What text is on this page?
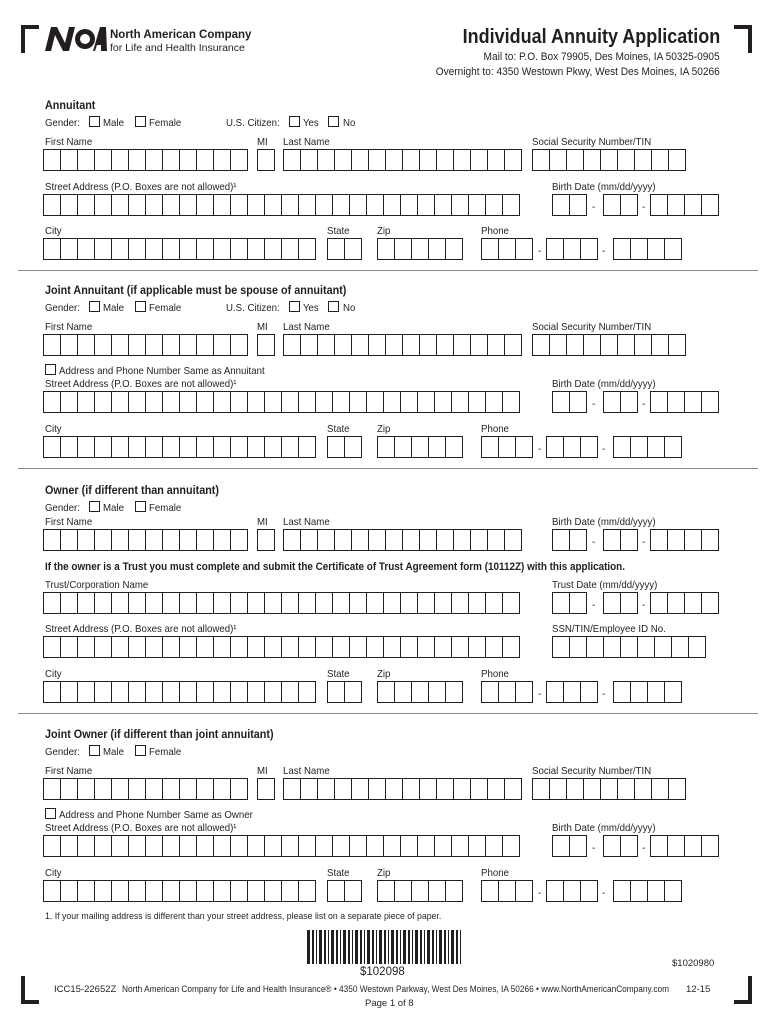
North American Company
for Life and Health Insurance	Individual Annuity Application
Mail to: P.O. Box 79905, Des Moines, IA 50325-0905
Overnight to: 4350 Westown Pkwy, West Des Moines, IA 50266
Annuitant
Gender: Male Female	U.S. Citizen: Yes No
First Name	MI Last Name	Social Security Number/TIN
Street Address (P.O. Boxes are not allowed)¹	Birth Date (mm/dd/yyyy)
-	-
City	State	Zip	Phone
-	-
Joint Annuitant (if applicable must be spouse of annuitant)
Gender: Male Female	U.S. Citizen: Yes No
First Name	MI Last Name	Social Security Number/TIN
Address and Phone Number Same as Annuitant
Street Address (P.O. Boxes are not allowed)¹	Birth Date (mm/dd/yyyy)
-	-
City	State	Zip	Phone
-	-
Owner (if different than annuitant)
Gender: Male Female
First Name	MI Last Name	Birth Date (mm/dd/yyyy)
-	-
If the owner is a Trust you must complete and submit the Certificate of Trust Agreement form (10112Z) with this application.
Trust/Corporation Name	Trust Date (mm/dd/yyyy)
-	-
Street Address (P.O. Boxes are not allowed)¹	SSN/TIN/Employee ID No.
City	State	Zip	Phone
-	-
Joint Owner (if different than joint annuitant)
Gender: Male Female
First Name	MI Last Name	Social Security Number/TIN
Address and Phone Number Same as Owner
Street Address (P.O. Boxes are not allowed)¹	Birth Date (mm/dd/yyyy)
-	-
City	State	Zip	Phone
-	-
1. If your mailing address is different than your street address, please list on a separate piece of paper.
$102098
$1020980
ICC15-22652Z North American Company for Life and Health Insurance® • 4350 Westown Parkway, West Des Moines, IA 50266 • www.NorthAmericanCompany.com 12-15
Page 1 of 8
